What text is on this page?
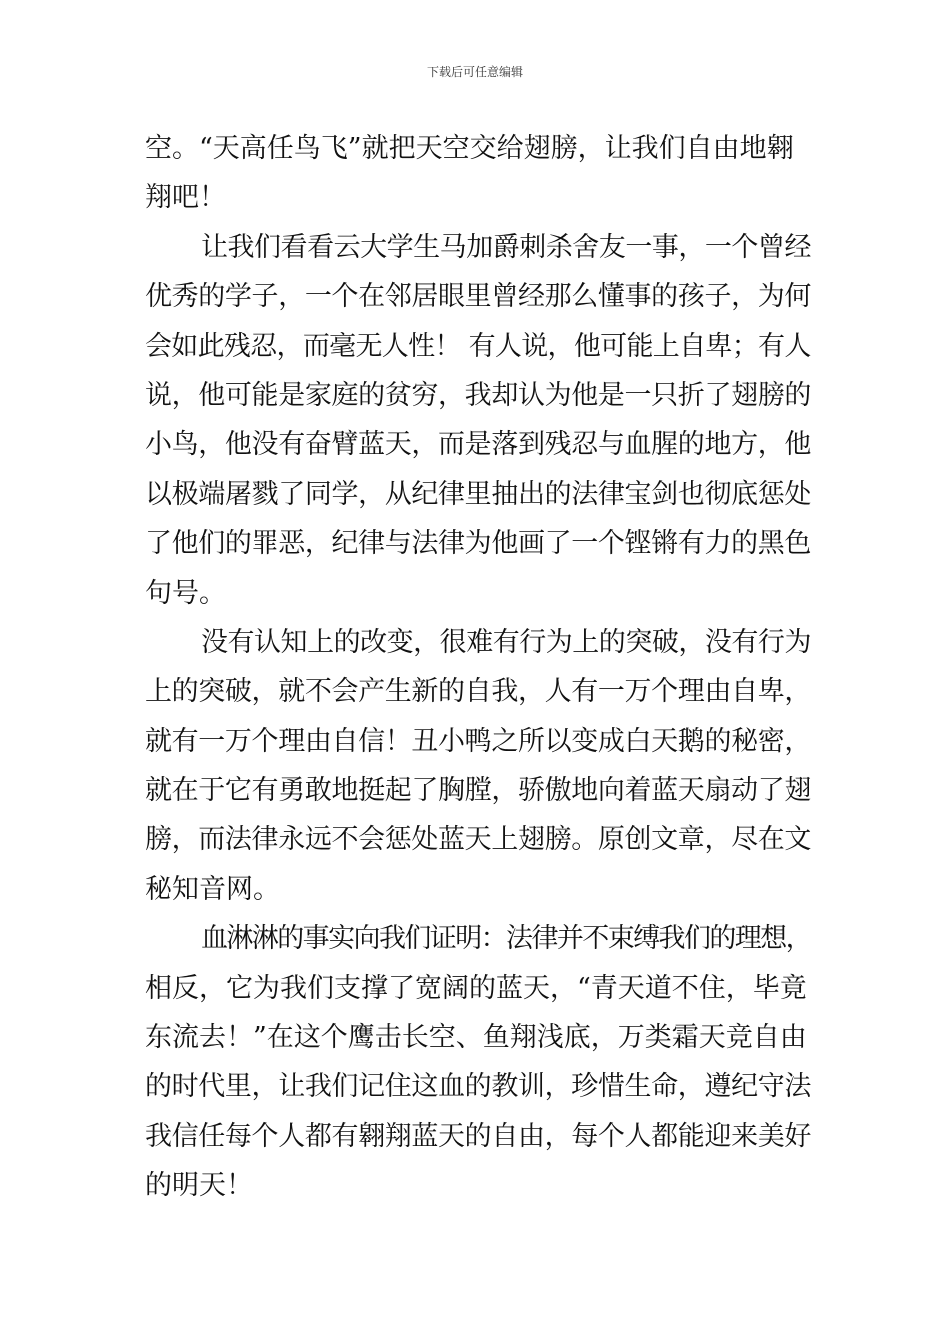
下载后可任意编辑
空。“天高任鸟飞”就把天空交给翅膀，让我们自由地翱
翔吧！
让我们看看云大学生马加爵刺杀舍友一事，一个曾经
优秀的学子，一个在邻居眼里曾经那么懂事的孩子，为何
会如此残忍，而毫无人性！ 有人说，他可能上自卑；有人
说，他可能是家庭的贫穷，我却认为他是一只折了翅膀的
小鸟，他没有奋臂蓝天，而是落到残忍与血腥的地方，他
以极端屠戮了同学，从纪律里抽出的法律宝剑也彻底惩处
了他们的罪恶，纪律与法律为他画了一个铿锵有力的黑色
句号。
没有认知上的改变，很难有行为上的突破，没有行为
上的突破，就不会产生新的自我，人有一万个理由自卑，
就有一万个理由自信！丑小鸭之所以变成白天鹅的秘密，
就在于它有勇敢地挺起了胸膛，骄傲地向着蓝天扇动了翅
膀，而法律永远不会惩处蓝天上翅膀。原创文章，尽在文
秘知音网。
血淋淋的事实向我们证明：法律并不束缚我们的理想，
相反，它为我们支撑了宽阔的蓝天，“青天道不住，毕竟
东流去！”在这个鹰击长空、鱼翔浅底，万类霜天竞自由
的时代里，让我们记住这血的教训，珍惜生命，遵纪守法
我信任每个人都有翱翔蓝天的自由，每个人都能迎来美好
的明天！
